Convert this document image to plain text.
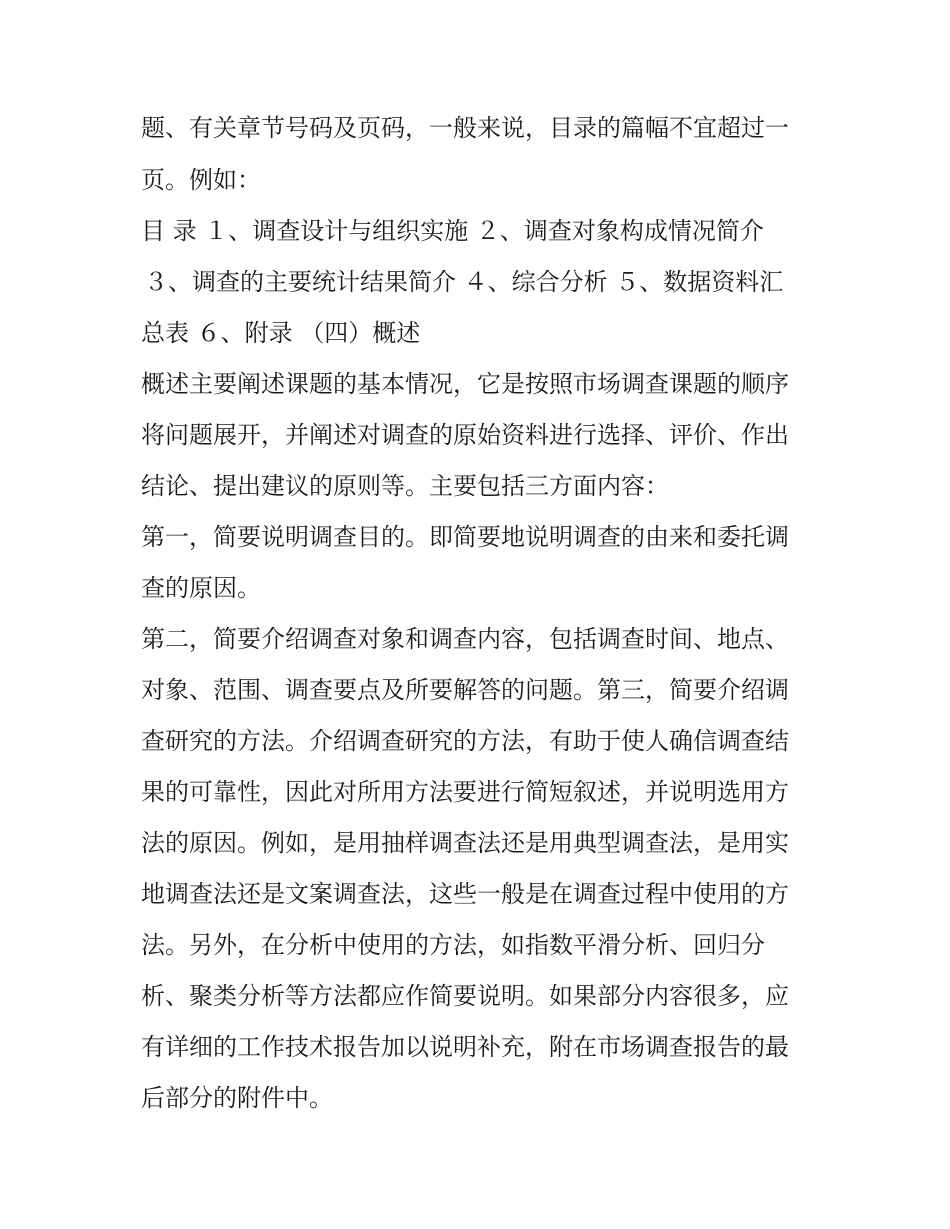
题、有关章节号码及页码，一般来说，目录的篇幅不宜超过一
页。例如：
目 录 １、调查设计与组织实施 ２、调查对象构成情况简介
３、调查的主要统计结果简介 ４、综合分析 ５、数据资料汇
总表 ６、附录 （四）概述
概述主要阐述课题的基本情况，它是按照市场调查课题的顺序
将问题展开，并阐述对调查的原始资料进行选择、评价、作出
结论、提出建议的原则等。主要包括三方面内容：
第一，简要说明调查目的。即简要地说明调查的由来和委托调
查的原因。
第二，简要介绍调查对象和调查内容，包括调查时间、地点、
对象、范围、调查要点及所要解答的问题。第三，简要介绍调
查研究的方法。介绍调查研究的方法，有助于使人确信调查结
果的可靠性，因此对所用方法要进行简短叙述，并说明选用方
法的原因。例如，是用抽样调查法还是用典型调查法，是用实
地调查法还是文案调查法，这些一般是在调查过程中使用的方
法。另外，在分析中使用的方法，如指数平滑分析、回归分
析、聚类分析等方法都应作简要说明。如果部分内容很多，应
有详细的工作技术报告加以说明补充，附在市场调查报告的最
后部分的附件中。
